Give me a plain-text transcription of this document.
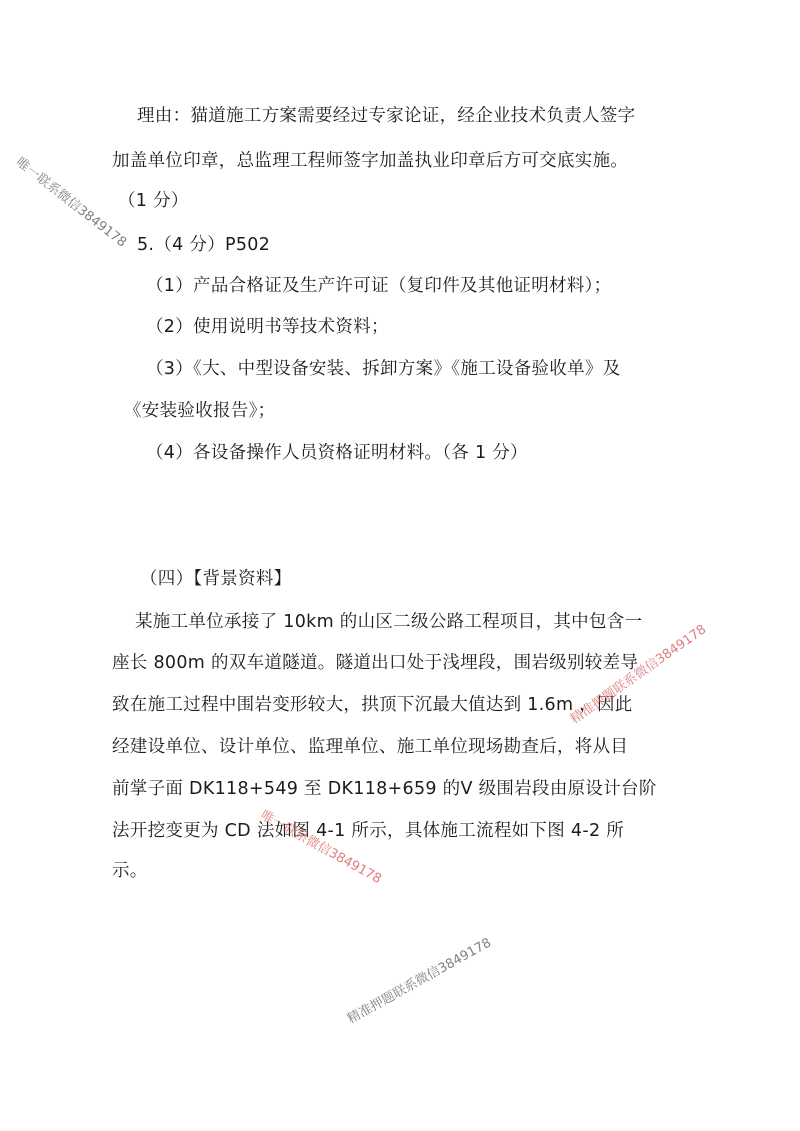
理由：猫道施工方案需要经过专家论证，经企业技术负责人签字
加盖单位印章，总监理工程师签字加盖执业印章后方可交底实施。
（1 分）
5.（4 分）P502
（1）产品合格证及生产许可证（复印件及其他证明材料）；
（2）使用说明书等技术资料；
（3）《大、中型设备安装、拆卸方案》《施工设备验收单》及
《安装验收报告》；
（4）各设备操作人员资格证明材料。（各 1 分）
（四）【背景资料】
某施工单位承接了 10km 的山区二级公路工程项目，其中包含一
座长 800m 的双车道隧道。隧道出口处于浅埋段，围岩级别较差导
致在施工过程中围岩变形较大，拱顶下沉最大值达到 1.6m ，因此
经建设单位、设计单位、监理单位、施工单位现场勘查后，将从目
前掌子面 DK118+549 至 DK118+659 的Ⅴ 级围岩段由原设计台阶
法开挖变更为 CD 法如图 4-1 所示，具体施工流程如下图 4-2 所
示。
唯一联系微信3849178
精准押题联系微信3849178
唯一联系微信3849178
精准押题联系微信3849178
